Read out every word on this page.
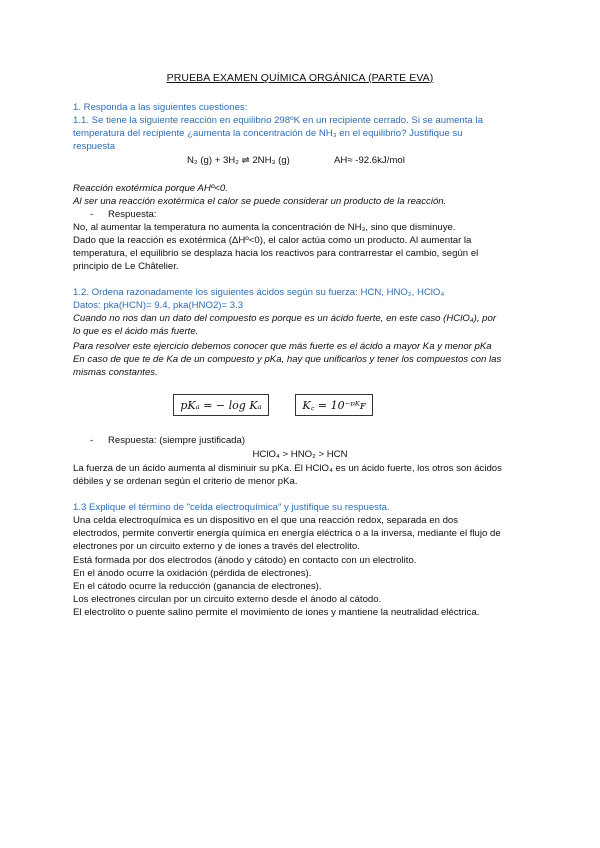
PRUEBA EXAMEN QUÍMICA ORGÁNICA (PARTE EVA)
1. Responda a las siguientes cuestiones:
1.1. Se tiene la siguiente reacción en equilibrio 298ºK en un recipiente cerrado. Si se aumenta la
temperatura del recipiente ¿aumenta la concentración de NH₃ en el equilibrio? Justifique su
respuesta
N₂ (g) + 3H₂ ⇌ 2NH₃ (g)	AH≈ -92.6kJ/mol
Reacción exotérmica porque AHº<0.
Al ser una reacción exotérmica el calor se puede considerar un producto de la reacción.
- Respuesta:
No, al aumentar la temperatura no aumenta la concentración de NH₃, sino que disminuye.
Dado que la reacción es exotérmica (ΔHº<0), el calor actúa como un producto. Al aumentar la
temperatura, el equilibrio se desplaza hacia los reactivos para contrarrestar el cambio, según el
principio de Le Châtelier.
1.2. Ordena razonadamente los siguientes ácidos según su fuerza: HCN, HNO₂, HClO₄
Datos: pka(HCN)= 9.4, pka(HNO2)= 3.3
Cuando no nos dan un dato del compuesto es porque es un ácido fuerte, en este caso (HClO₄), por
lo que es el ácido más fuerte.
Para resolver este ejercicio debemos conocer que más fuerte es el ácido a mayor Ka y menor pKa
En caso de que te de Ka de un compuesto y pKa, hay que unificarlos y tener los compuestos con las
mismas constantes.
pKₐ = − log Kₐ	K꜀ = 10⁻ᵖᴷꜰ
- Respuesta: (siempre justificada)
HClO₄ > HNO₂ > HCN
La fuerza de un ácido aumenta al disminuir su pKa. El HClO₄ es un ácido fuerte, los otros son ácidos
débiles y se ordenan según el criterio de menor pKa.
1.3 Explique el término de "celda electroquímica" y justifique su respuesta.
Una celda electroquímica es un dispositivo en el que una reacción redox, separada en dos
electrodos, permite convertir energía química en energía eléctrica o a la inversa, mediante el flujo de
electrones por un circuito externo y de iones a través del electrolito.
Está formada por dos electrodos (ánodo y cátodo) en contacto con un electrolito.
En el ánodo ocurre la oxidación (pérdida de electrones).
En el cátodo ocurre la reducción (ganancia de electrones).
Los electrones circulan por un circuito externo desde el ánodo al cátodo.
El electrolito o puente salino permite el movimiento de iones y mantiene la neutralidad eléctrica.
